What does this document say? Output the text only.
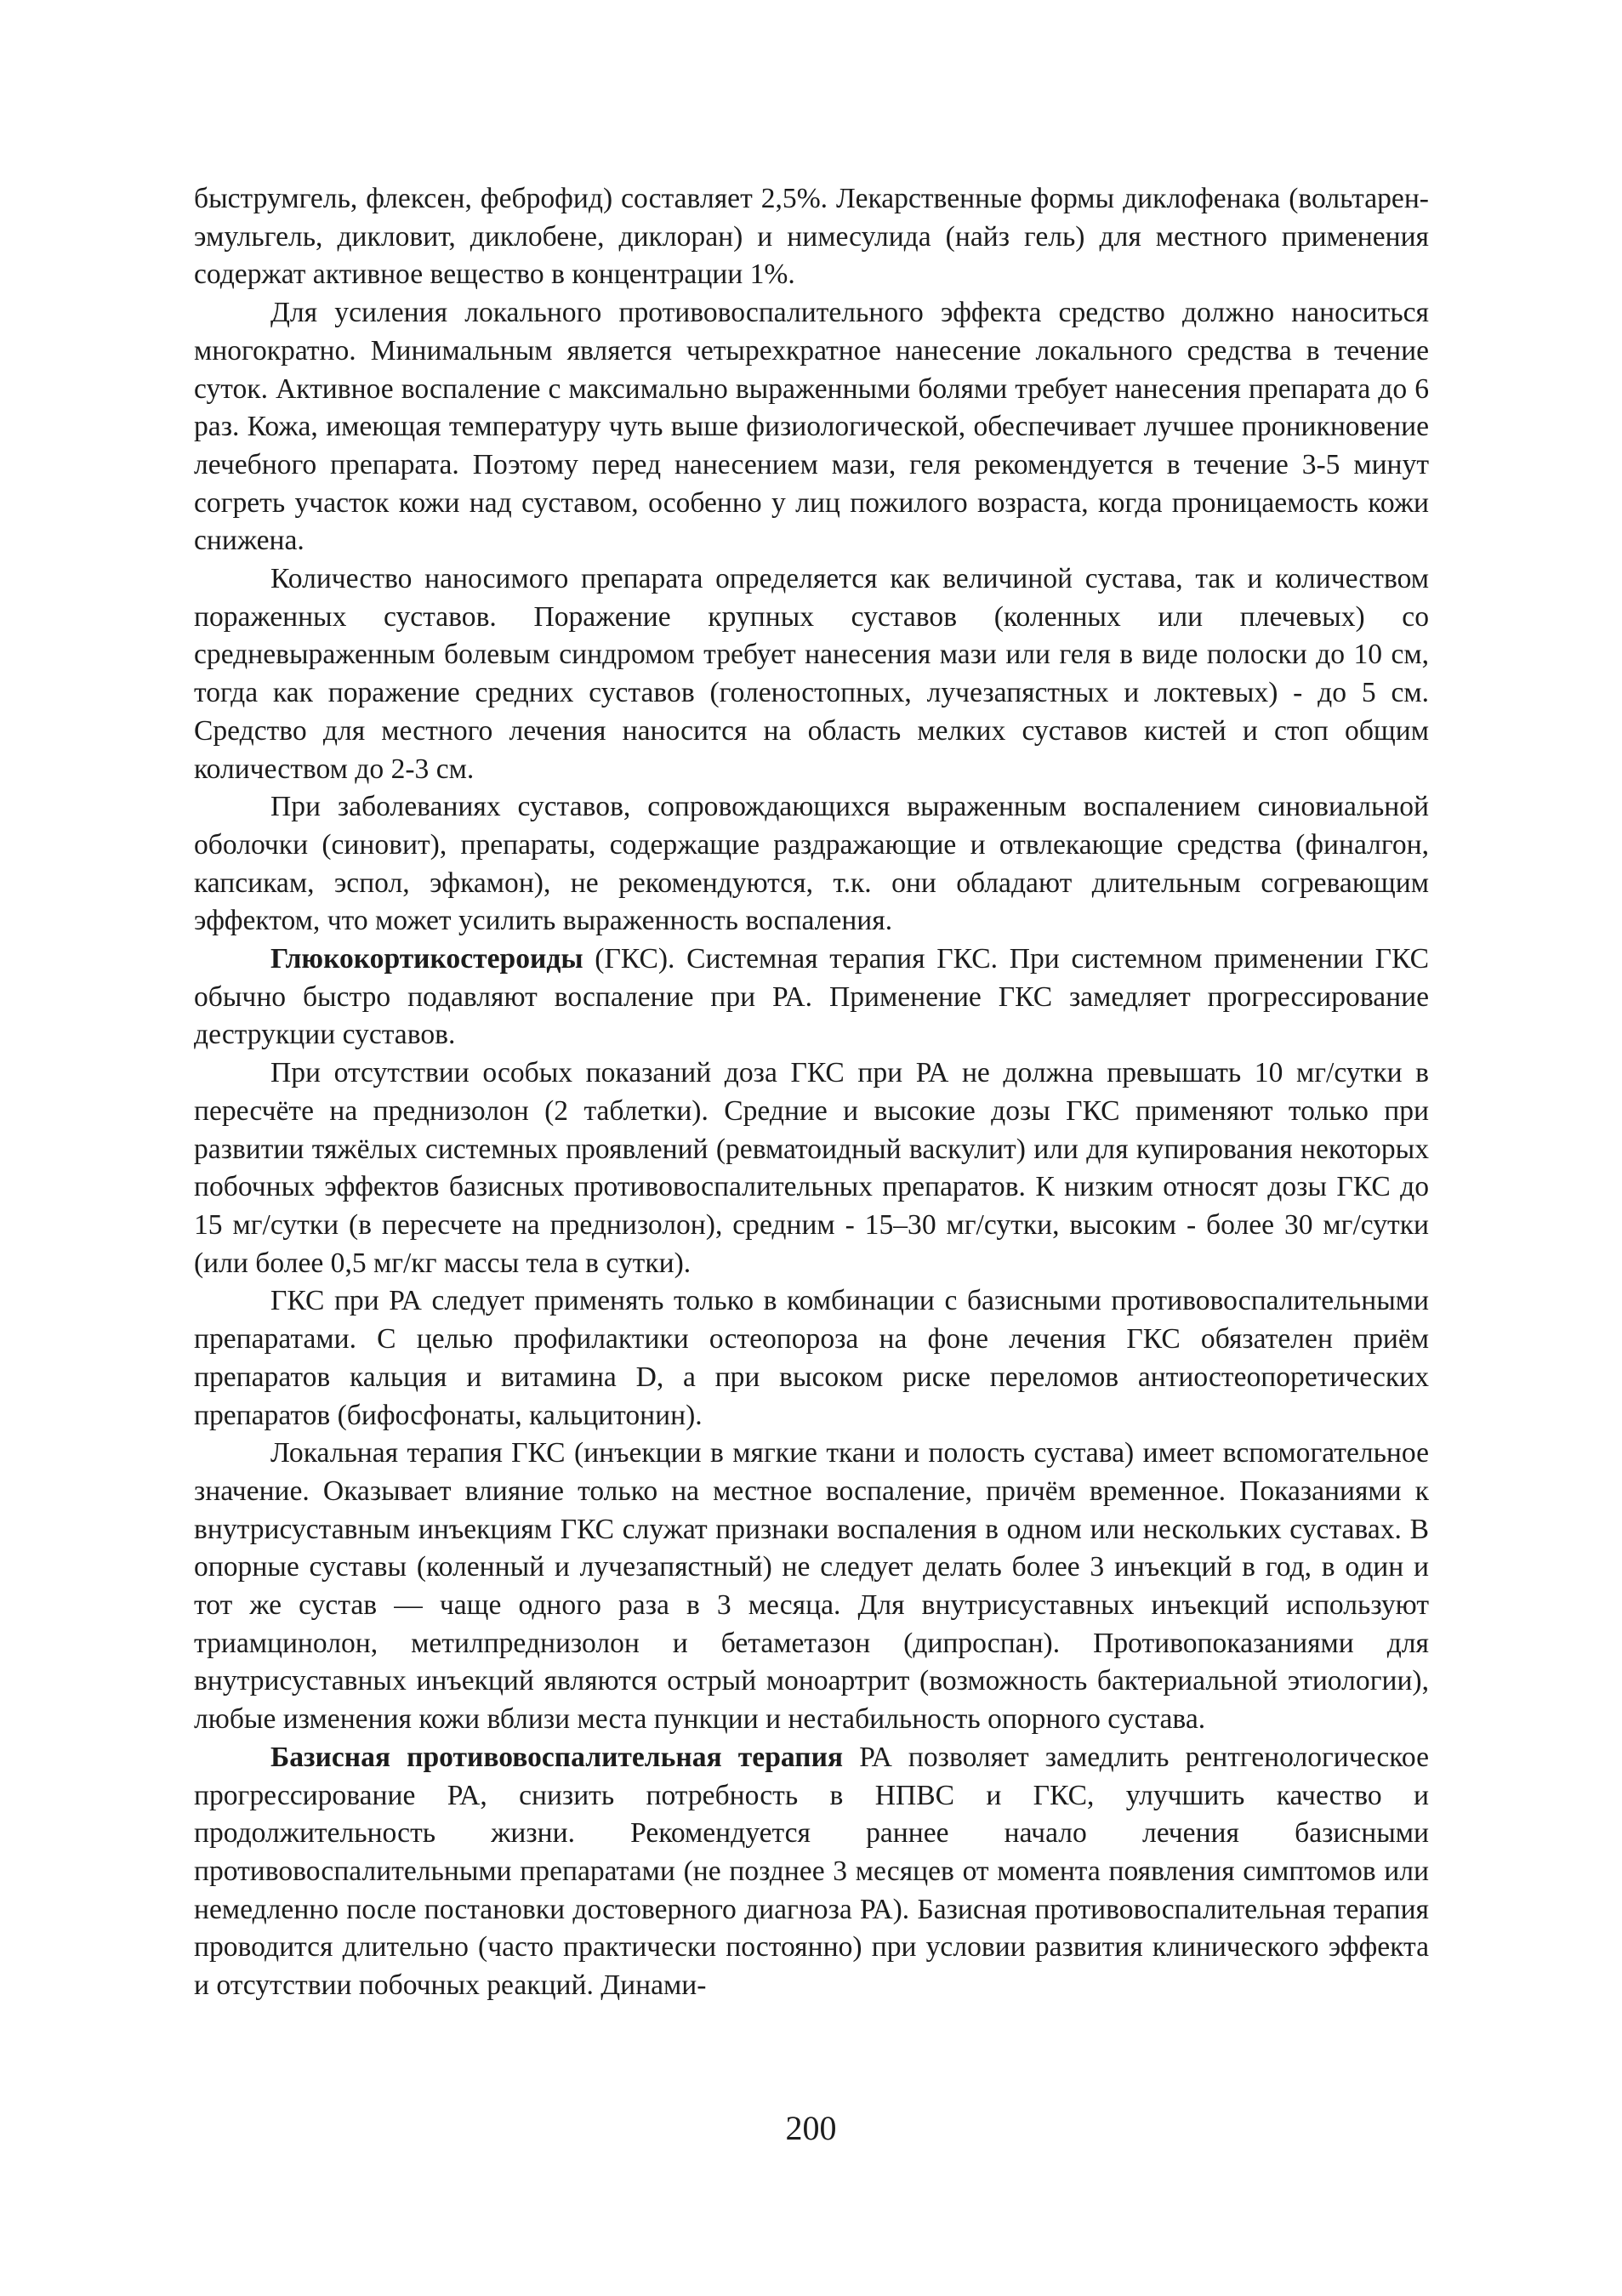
быструмгель, флексен, феброфид) составляет 2,5%. Лекарственные формы диклофенака (вольтарен-эмульгель, дикловит, диклобене, диклоран) и нимесулида (найз гель) для местного применения содержат активное вещество в концентрации 1%.

Для усиления локального противовоспалительного эффекта средство должно наноситься многократно. Минимальным является четырехкратное нанесение локального средства в течение суток. Активное воспаление с максимально выраженными болями требует нанесения препарата до 6 раз. Кожа, имеющая температуру чуть выше физиологической, обеспечивает лучшее проникновение лечебного препарата. Поэтому перед нанесением мази, геля рекомендуется в течение 3-5 минут согреть участок кожи над суставом, особенно у лиц пожилого возраста, когда проницаемость кожи снижена.

Количество наносимого препарата определяется как величиной сустава, так и количеством пораженных суставов. Поражение крупных суставов (коленных или плечевых) со средневыраженным болевым синдромом требует нанесения мази или геля в виде полоски до 10 см, тогда как поражение средних суставов (голеностопных, лучезапястных и локтевых) - до 5 см. Средство для местного лечения наносится на область мелких суставов кистей и стоп общим количеством до 2-3 см.

При заболеваниях суставов, сопровождающихся выраженным воспалением синовиальной оболочки (синовит), препараты, содержащие раздражающие и отвлекающие средства (финалгон, капсикам, эспол, эфкамон), не рекомендуются, т.к. они обладают длительным согревающим эффектом, что может усилить выраженность воспаления.

Глюкокортикостероиды (ГКС). Системная терапия ГКС. При системном применении ГКС обычно быстро подавляют воспаление при РА. Применение ГКС замедляет прогрессирование деструкции суставов.

При отсутствии особых показаний доза ГКС при РА не должна превышать 10 мг/сутки в пересчёте на преднизолон (2 таблетки). Средние и высокие дозы ГКС применяют только при развитии тяжёлых системных проявлений (ревматоидный васкулит) или для купирования некоторых побочных эффектов базисных противовоспалительных препаратов. К низким относят дозы ГКС до 15 мг/сутки (в пересчете на преднизолон), средним - 15–30 мг/сутки, высоким - более 30 мг/сутки (или более 0,5 мг/кг массы тела в сутки).

ГКС при РА следует применять только в комбинации с базисными противовоспалительными препаратами. С целью профилактики остеопороза на фоне лечения ГКС обязателен приём препаратов кальция и витамина D, а при высоком риске переломов антиостеопоретических препаратов (бифосфонаты, кальцитонин).

Локальная терапия ГКС (инъекции в мягкие ткани и полость сустава) имеет вспомогательное значение. Оказывает влияние только на местное воспаление, причём временное. Показаниями к внутрисуставным инъекциям ГКС служат признаки воспаления в одном или нескольких суставах. В опорные суставы (коленный и лучезапястный) не следует делать более 3 инъекций в год, в один и тот же сустав — чаще одного раза в 3 месяца. Для внутрисуставных инъекций используют триамцинолон, метилпреднизолон и бетаметазон (дипроспан). Противопоказаниями для внутрисуставных инъекций являются острый моноартрит (возможность бактериальной этиологии), любые изменения кожи вблизи места пункции и нестабильность опорного сустава.

Базисная противовоспалительная терапия РА позволяет замедлить рентгенологическое прогрессирование РА, снизить потребность в НПВС и ГКС, улучшить качество и продолжительность жизни. Рекомендуется раннее начало лечения базисными противовоспалительными препаратами (не позднее 3 месяцев от момента появления симптомов или немедленно после постановки достоверного диагноза РА). Базисная противовоспалительная терапия проводится длительно (часто практически постоянно) при условии развития клинического эффекта и отсутствии побочных реакций. Динами-

200
